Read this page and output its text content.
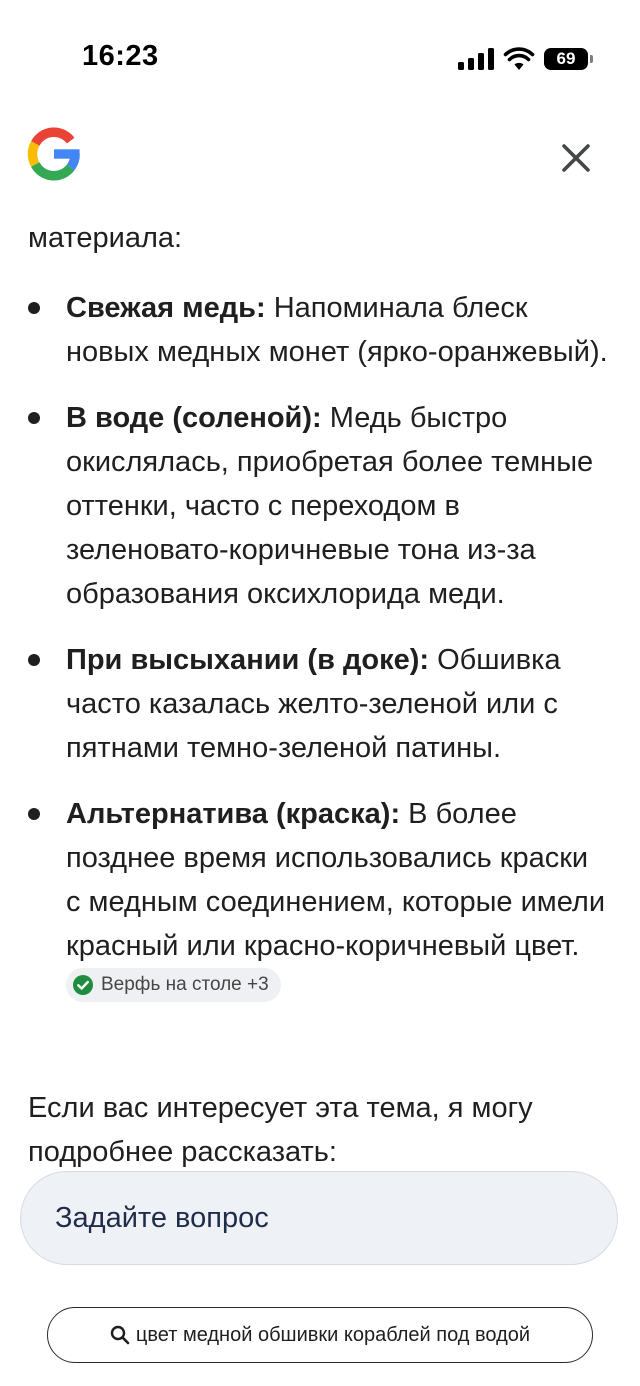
16:23	69

материала:

Свежая медь: Напоминала блеск новых медных монет (ярко-оранжевый).
В воде (соленой): Медь быстро окислялась, приобретая более темные оттенки, часто с переходом в зеленовато-коричневые тона из-за образования оксихлорида меди.
При высыхании (в доке): Обшивка часто казалась желто-зеленой или с пятнами темно-зеленой патины.
Альтернатива (краска): В более позднее время использовались краски с медным соединением, которые имели красный или красно-коричневый цвет.
Верфь на столе +3

Если вас интересует эта тема, я могу подробнее рассказать:

Задайте вопрос
цвет медной обшивки кораблей под водой
